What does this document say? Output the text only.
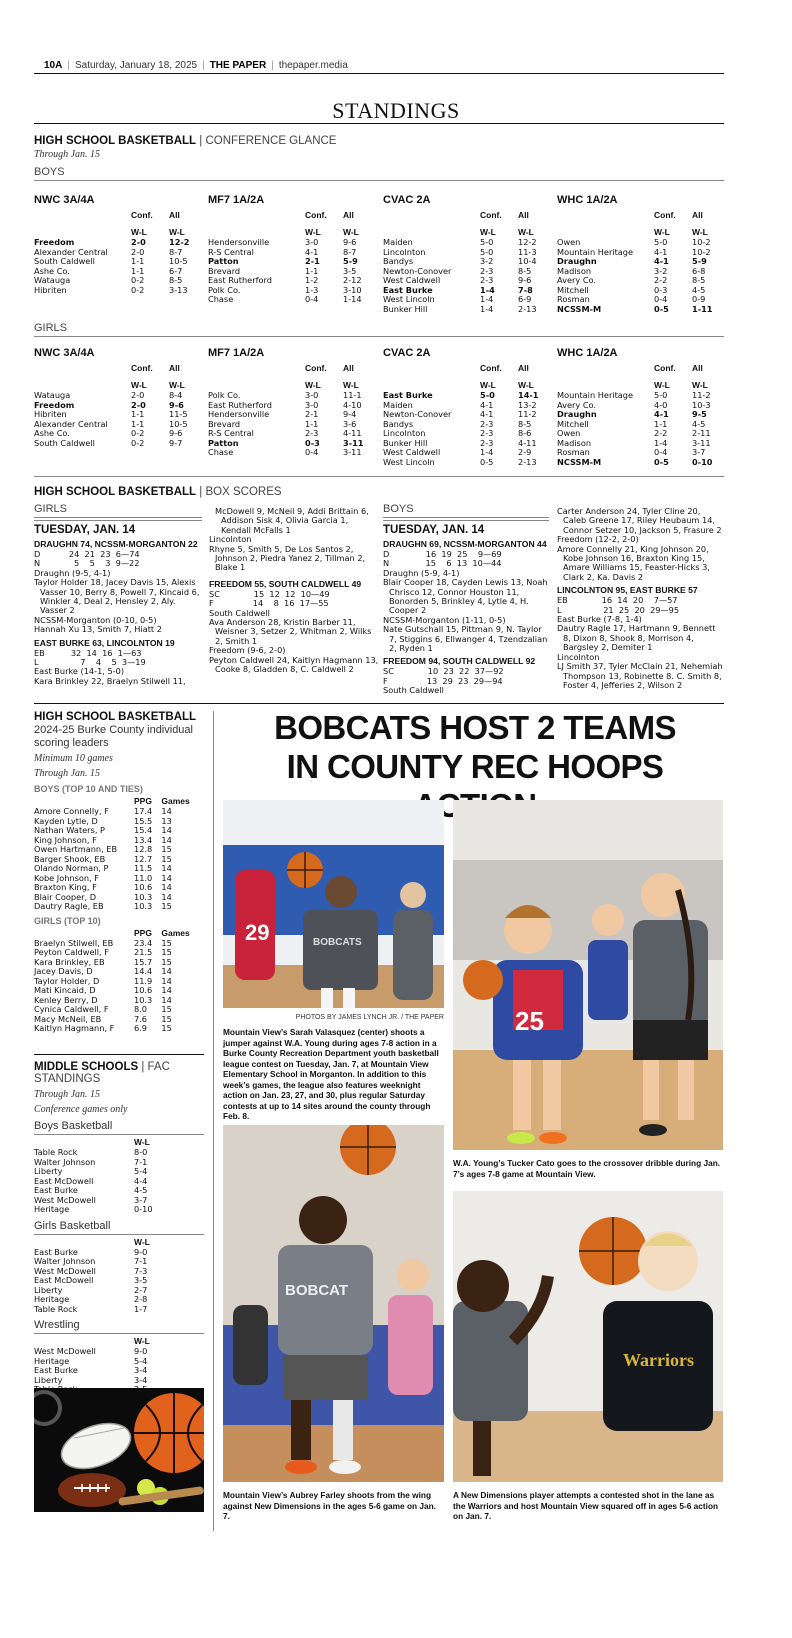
10A | Saturday, January 18, 2025 | THE PAPER | thepaper.media
STANDINGS
HIGH SCHOOL BASKETBALL | CONFERENCE GLANCE
Through Jan. 15
BOYS
NWC 3A/4A
	Conf.	All

	W-L	W-L
Freedom	2-0	12-2
Alexander Central	2-0	8-7
South Caldwell	1-1	10-5
Ashe Co.	1-1	6-7
Watauga	0-2	8-5
Hibriten	0-2	3-13
MF7 1A/2A
	Conf.	All

	W-L	W-L
Hendersonville	3-0	9-6
R-S Central	4-1	8-7
Patton	2-1	5-9
Brevard	1-1	3-5
East Rutherford	1-2	2-12
Polk Co.	1-3	3-10
Chase	0-4	1-14
CVAC 2A
	Conf.	All

	W-L	W-L
Maiden	5-0	12-2
Lincolnton	5-0	11-3
Bandys	3-2	10-4
Newton-Conover	2-3	8-5
West Caldwell	2-3	9-6
East Burke	1-4	7-8
West Lincoln	1-4	6-9
Bunker Hill	1-4	2-13
WHC 1A/2A
	Conf.	All

	W-L	W-L
Owen	5-0	10-2
Mountain Heritage	4-1	10-2
Draughn	4-1	5-9
Madison	3-2	6-8
Avery Co.	2-2	8-5
Mitchell	0-3	4-5
Rosman	0-4	0-9
NCSSM-M	0-5	1-11
GIRLS
NWC 3A/4A
	Conf.	All

	W-L	W-L
Watauga	2-0	8-4
Freedom	2-0	9-6
Hibriten	1-1	11-5
Alexander Central	1-1	10-5
Ashe Co.	0-2	9-6
South Caldwell	0-2	9-7
MF7 1A/2A
	Conf.	All

	W-L	W-L
Polk Co.	3-0	11-1
East Rutherford	3-0	4-10
Hendersonville	2-1	9-4
Brevard	1-1	3-6
R-S Central	2-3	4-11
Patton	0-3	3-11
Chase	0-4	3-11
CVAC 2A
	Conf.	All

	W-L	W-L
East Burke	5-0	14-1
Maiden	4-1	13-2
Newton-Conover	4-1	11-2
Bandys	2-3	8-5
Lincolnton	2-3	8-6
Bunker Hill	2-3	4-11
West Caldwell	1-4	2-9
West Lincoln	0-5	2-13
WHC 1A/2A
	Conf.	All

	W-L	W-L
Mountain Heritage	5-0	11-2
Avery Co.	4-0	10-3
Draughn	4-1	9-5
Mitchell	1-1	4-5
Owen	2-2	2-11
Madison	1-4	3-11
Rosman	0-4	3-7
NCSSM-M	0-5	0-10
HIGH SCHOOL BASKETBALL | BOX SCORES
GIRLS
TUESDAY, JAN. 14
DRAUGHN 74, NCSSM-MORGANTON 22
D           24  21  23  6—74
N             5    5    3  9—22
Draughn (9-5, 4-1)
Taylor Holder 18, Jacey Davis 15, Alexis Vasser 10, Berry 8, Powell 7, Kincaid 6, Winkler 4, Deal 2, Hensley 2, Aly. Vasser 2
NCSSM-Morganton (0-10, 0-5)
Hannah Xu 13, Smith 7, Hiatt 2
EAST BURKE 63, LINCOLNTON 19
EB          32  14  16  1—63
L                7    4    5  3—19
East Burke (14-1, 5-0)
Kara Brinkley 22, Braelyn Stilwell 11,
McDowell 9, McNeil 9, Addi Brittain 6, Addison Sisk 4, Olivia Garcia 1, Kendall McFalls 1
Lincolnton
Rhyne 5, Smith 5, De Los Santos 2, Johnson 2, Piedra Yanez 2, Tillman 2, Blake 1
FREEDOM 55, SOUTH CALDWELL 49
SC             15  12  12  10—49
F               14    8  16  17—55
South Caldwell
Ava Anderson 28, Kristin Barber 11, Weisner 3, Setzer 2, Whitman 2, Wilks 2, Smith 1
Freedom (9-6, 2-0)
Peyton Caldwell 24, Kaitlyn Hagmann 13, Cooke 8, Gladden 8, C. Caldwell 2
BOYS
TUESDAY, JAN. 14
DRAUGHN 69, NCSSM-MORGANTON 44
D              16  19  25    9—69
N              15    6  13  10—44
Draughn (5-9, 4-1)
Blair Cooper 18, Cayden Lewis 13, Noah Chrisco 12, Connor Houston 11, Bonorden 5, Brinkley 4, Lytle 4, H. Cooper 2
NCSSM-Morganton (1-11, 0-5)
Nate Gutschall 15, Pittman 9, N. Taylor 7, Stiggins 6, Ellwanger 4, Tzendzalian 2, Ryden 1
FREEDOM 94, SOUTH CALDWELL 92
SC             10  23  22  37—92
F               13  29  23  29—94
South Caldwell
Carter Anderson 24, Tyler Cline 20, Caleb Greene 17, Riley Heubaum 14, Connor Setzer 10, Jackson 5, Frasure 2
Freedom (12-2, 2-0)
Amore Connelly 21, King Johnson 20, Kobe Johnson 16, Braxton King 15, Amare Williams 15, Feaster-Hicks 3, Clark 2, Ka. Davis 2
LINCOLNTON 95, EAST BURKE 57
EB             16  14  20    7—57
L                21  25  20  29—95
East Burke (7-8, 1-4)
Dautry Ragle 17, Hartmann 9, Bennett 8, Dixon 8, Shook 8, Morrison 4, Bargsley 2, Demiter 1
Lincolnton
LJ Smith 37, Tyler McClain 21, Nehemiah Thompson 13, Robinette 8. C. Smith 8, Foster 4, Jefferies 2, Wilson 2
HIGH SCHOOL BASKETBALL
2024-25 Burke County individual scoring leaders
Minimum 10 games
Through Jan. 15
BOYS (TOP 10 AND TIES)
	PPG	Games
Amore Connelly, F	17.4	14
Kayden Lytle, D	15.5	13
Nathan Waters, P	15.4	14
King Johnson, F	13.4	14
Owen Hartmann, EB	12.8	15
Barger Shook, EB	12.7	15
Olando Norman, P	11.5	14
Kobe Johnson, F	11.0	14
Braxton King, F	10.6	14
Blair Cooper, D	10.3	14
Dautry Ragle, EB	10.3	15
GIRLS (TOP 10)
	PPG	Games
Braelyn Stilwell, EB	23.4	15
Peyton Caldwell, F	21.5	15
Kara Brinkley, EB	15.7	15
Jacey Davis, D	14.4	14
Taylor Holder, D	11.9	14
Mati Kincaid, D	10.6	14
Kenley Berry, D	10.3	14
Cynica Caldwell, F	8.0	15
Macy McNeil, EB	7.6	15
Kaitlyn Hagmann, F	6.9	15
MIDDLE SCHOOLS | FAC STANDINGS
Through Jan. 15
Conference games only
Boys Basketball
	W-L
Table Rock	8-0
Walter Johnson	7-1
Liberty	5-4
East McDowell	4-4
East Burke	4-5
West McDowell	3-7
Heritage	0-10
Girls Basketball
	W-L
East Burke	9-0
Walter Johnson	7-1
West McDowell	7-3
East McDowell	3-5
Liberty	2-7
Heritage	2-8
Table Rock	1-7
Wrestling
	W-L
West McDowell	9-0
Heritage	5-4
East Burke	3-4
Liberty	3-4

BOBCATS HOST 2 TEAMS
IN COUNTY REC HOOPS
29	BOBCATS
PHOTOS BY JAMES LYNCH JR. / THE PAPER
Mountain View’s Sarah Valasquez (center) shoots a jumper against W.A. Young during ages 7-8 action in a Burke County Recreation Department youth basketball league contest on Tuesday, Jan. 7, at Mountain View Elementary School in Morganton. In addition to this week’s games, the league also features weeknight action on Jan. 23, 27, and 30, plus regular Saturday contests at up to 14 sites around the county through Feb. 8.
25
W.A. Young’s Tucker Cato goes to the crossover dribble during Jan. 7’s ages 7-8 game at Mountain View.
BOBCAT
Mountain View’s Aubrey Farley shoots from the wing against New Dimensions in the ages 5-6 game on Jan. 7.
Warriors
A New Dimensions player attempts a contested shot in the lane as the Warriors and host Mountain View squared off in ages 5-6 action on Jan. 7.
